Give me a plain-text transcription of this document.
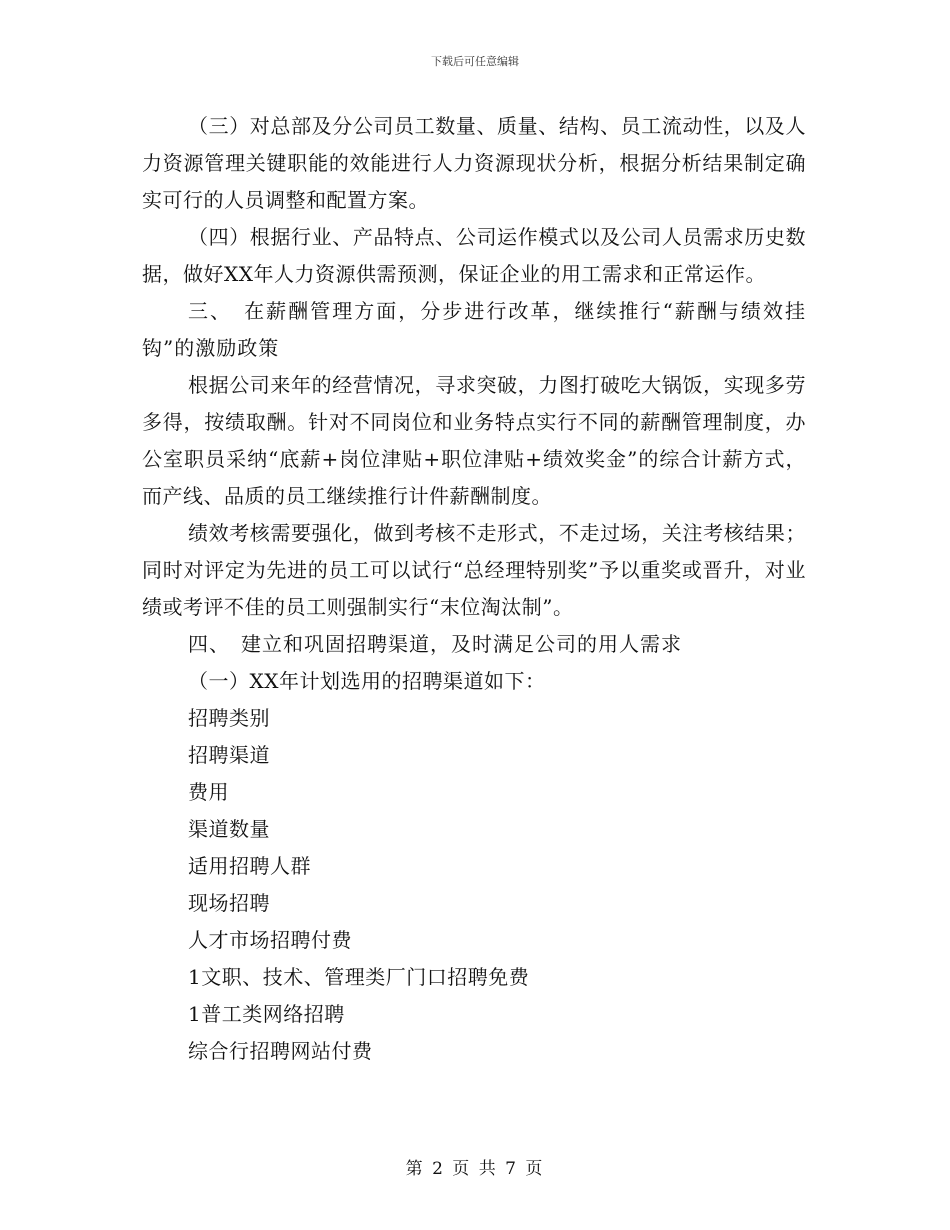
下载后可任意编辑

（三）对总部及分公司员工数量、质量、结构、员工流动性，以及人力资源管理关键职能的效能进行人力资源现状分析，根据分析结果制定确实可行的人员调整和配置方案。

（四）根据行业、产品特点、公司运作模式以及公司人员需求历史数据，做好XX年人力资源供需预测，保证企业的用工需求和正常运作。

三、　在薪酬管理方面，分步进行改革，继续推行“薪酬与绩效挂钩”的激励政策

根据公司来年的经营情况，寻求突破，力图打破吃大锅饭，实现多劳多得，按绩取酬。针对不同岗位和业务特点实行不同的薪酬管理制度，办公室职员采纳“底薪+岗位津贴+职位津贴+绩效奖金”的综合计薪方式，而产线、品质的员工继续推行计件薪酬制度。

绩效考核需要强化，做到考核不走形式，不走过场，关注考核结果；同时对评定为先进的员工可以试行“总经理特别奖”予以重奖或晋升，对业绩或考评不佳的员工则强制实行“末位淘汰制”。

四、　建立和巩固招聘渠道，及时满足公司的用人需求

（一）XX年计划选用的招聘渠道如下：

招聘类别

招聘渠道

费用

渠道数量

适用招聘人群

现场招聘

人才市场招聘付费

1文职、技术、管理类厂门口招聘免费

1普工类网络招聘

综合行招聘网站付费

第 2 页 共 7 页
